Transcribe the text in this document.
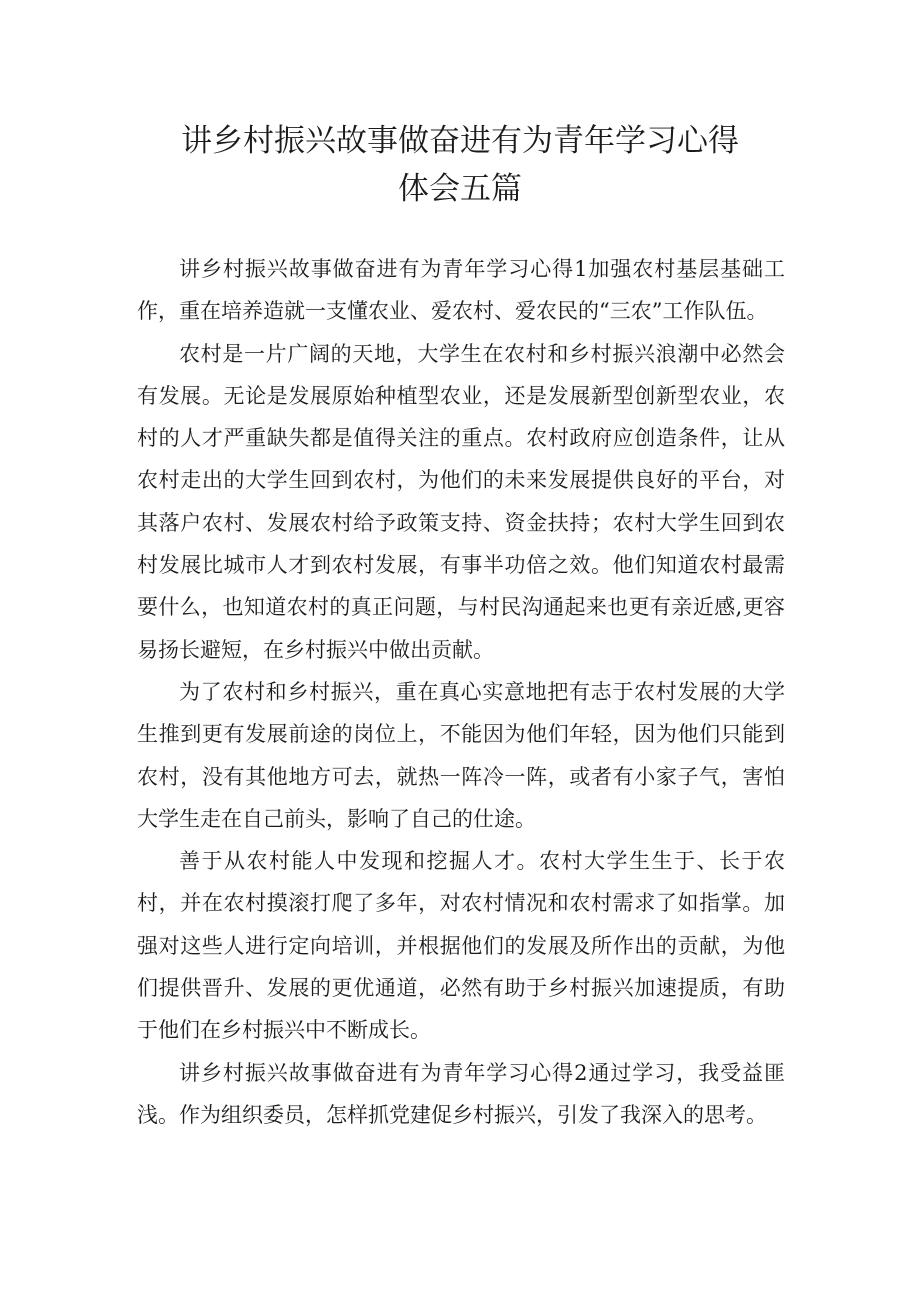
讲乡村振兴故事做奋进有为青年学习心得
体会五篇

讲乡村振兴故事做奋进有为青年学习心得1加强农村基层基础工作，重在培养造就一支懂农业、爱农村、爱农民的“三农”工作队伍。

农村是一片广阔的天地，大学生在农村和乡村振兴浪潮中必然会有发展。无论是发展原始种植型农业，还是发展新型创新型农业，农村的人才严重缺失都是值得关注的重点。农村政府应创造条件，让从农村走出的大学生回到农村，为他们的未来发展提供良好的平台，对其落户农村、发展农村给予政策支持、资金扶持；农村大学生回到农村发展比城市人才到农村发展，有事半功倍之效。他们知道农村最需要什么，也知道农村的真正问题，与村民沟通起来也更有亲近感,更容易扬长避短，在乡村振兴中做出贡献。

为了农村和乡村振兴，重在真心实意地把有志于农村发展的大学生推到更有发展前途的岗位上，不能因为他们年轻，因为他们只能到农村，没有其他地方可去，就热一阵冷一阵，或者有小家子气，害怕大学生走在自己前头，影响了自己的仕途。

善于从农村能人中发现和挖掘人才。农村大学生生于、长于农村，并在农村摸滚打爬了多年，对农村情况和农村需求了如指掌。加强对这些人进行定向培训，并根据他们的发展及所作出的贡献，为他们提供晋升、发展的更优通道，必然有助于乡村振兴加速提质，有助于他们在乡村振兴中不断成长。

讲乡村振兴故事做奋进有为青年学习心得2通过学习，我受益匪浅。作为组织委员，怎样抓党建促乡村振兴，引发了我深入的思考。
